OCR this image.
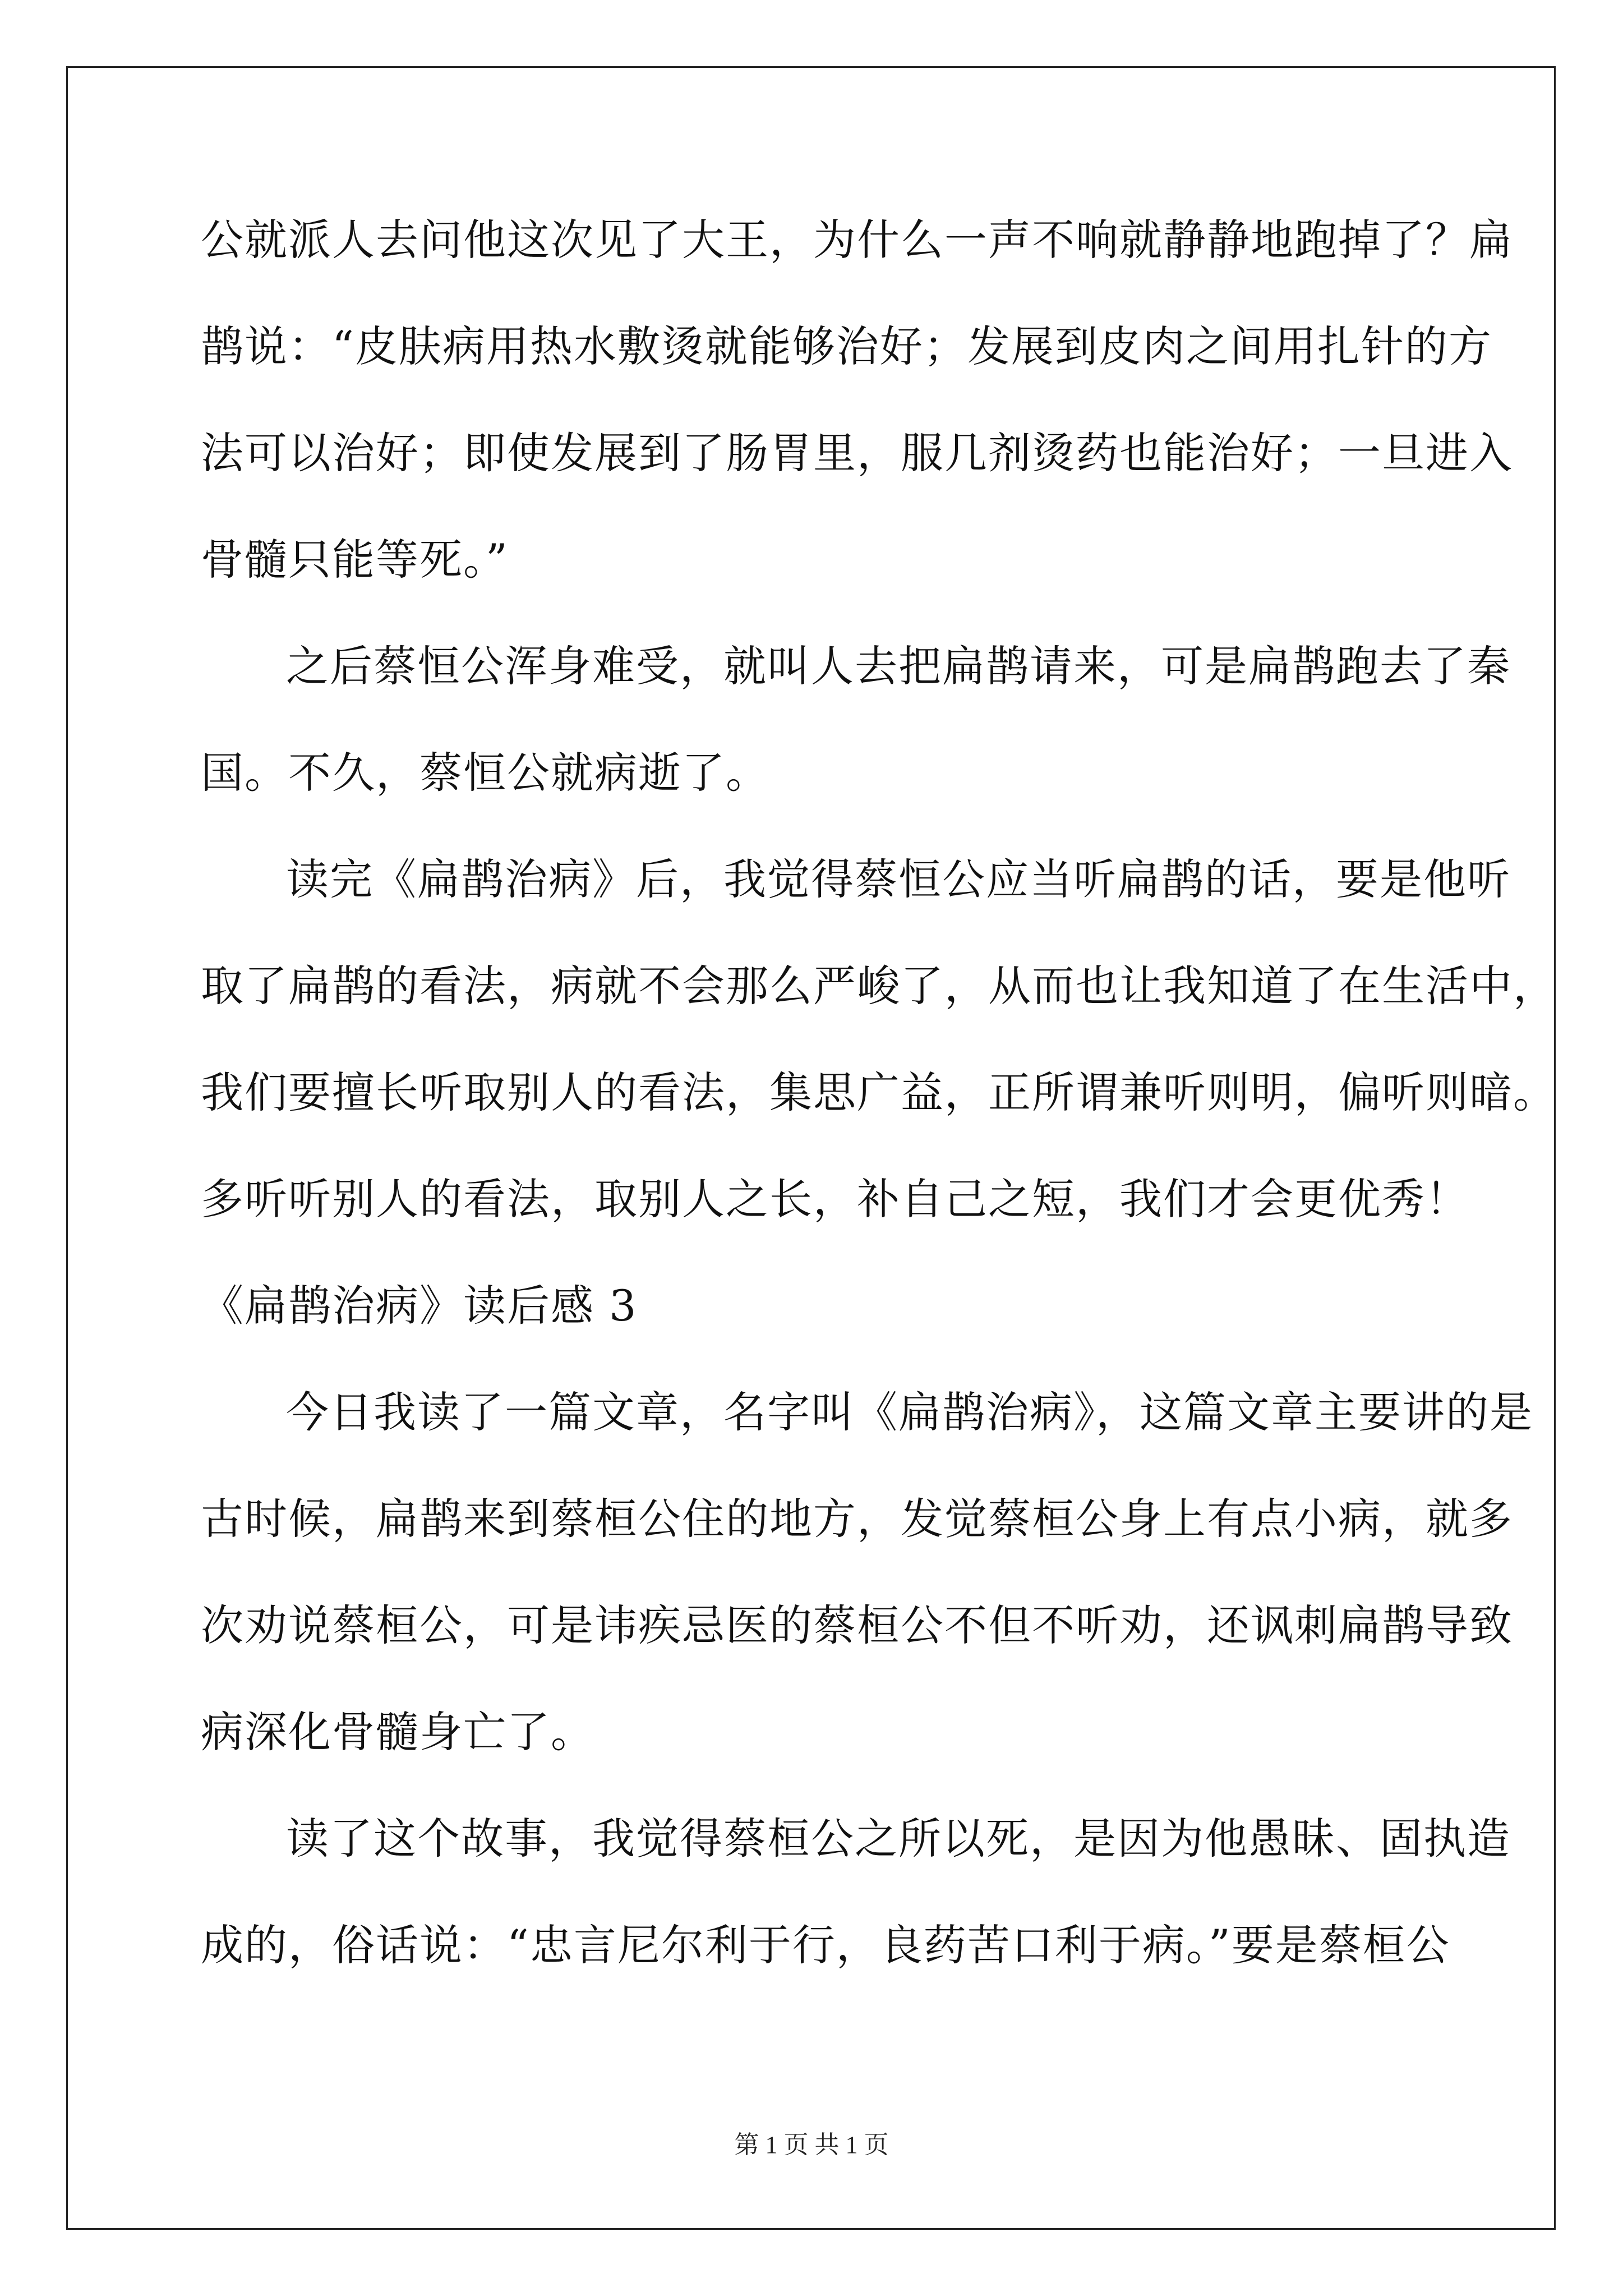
公就派人去问他这次见了大王，为什么一声不响就静静地跑掉了？扁
鹊说：“皮肤病用热水敷烫就能够治好；发展到皮肉之间用扎针的方
法可以治好；即使发展到了肠胃里，服几剂烫药也能治好；一旦进入
骨髓只能等死。”
之后蔡恒公浑身难受，就叫人去把扁鹊请来，可是扁鹊跑去了秦
国。不久，蔡恒公就病逝了。
读完《扁鹊治病》后，我觉得蔡恒公应当听扁鹊的话，要是他听
取了扁鹊的看法，病就不会那么严峻了，从而也让我知道了在生活中，
我们要擅长听取别人的看法，集思广益，正所谓兼听则明，偏听则暗。
多听听别人的看法，取别人之长，补自己之短，我们才会更优秀！
《扁鹊治病》读后感 3
今日我读了一篇文章，名字叫《扁鹊治病》，这篇文章主要讲的是
古时候，扁鹊来到蔡桓公住的地方，发觉蔡桓公身上有点小病，就多
次劝说蔡桓公，可是讳疾忌医的蔡桓公不但不听劝，还讽刺扁鹊导致
病深化骨髓身亡了。
读了这个故事，我觉得蔡桓公之所以死，是因为他愚昧、固执造
成的，俗话说：“忠言尼尔利于行，良药苦口利于病。”要是蔡桓公
第 1 页 共 1 页
